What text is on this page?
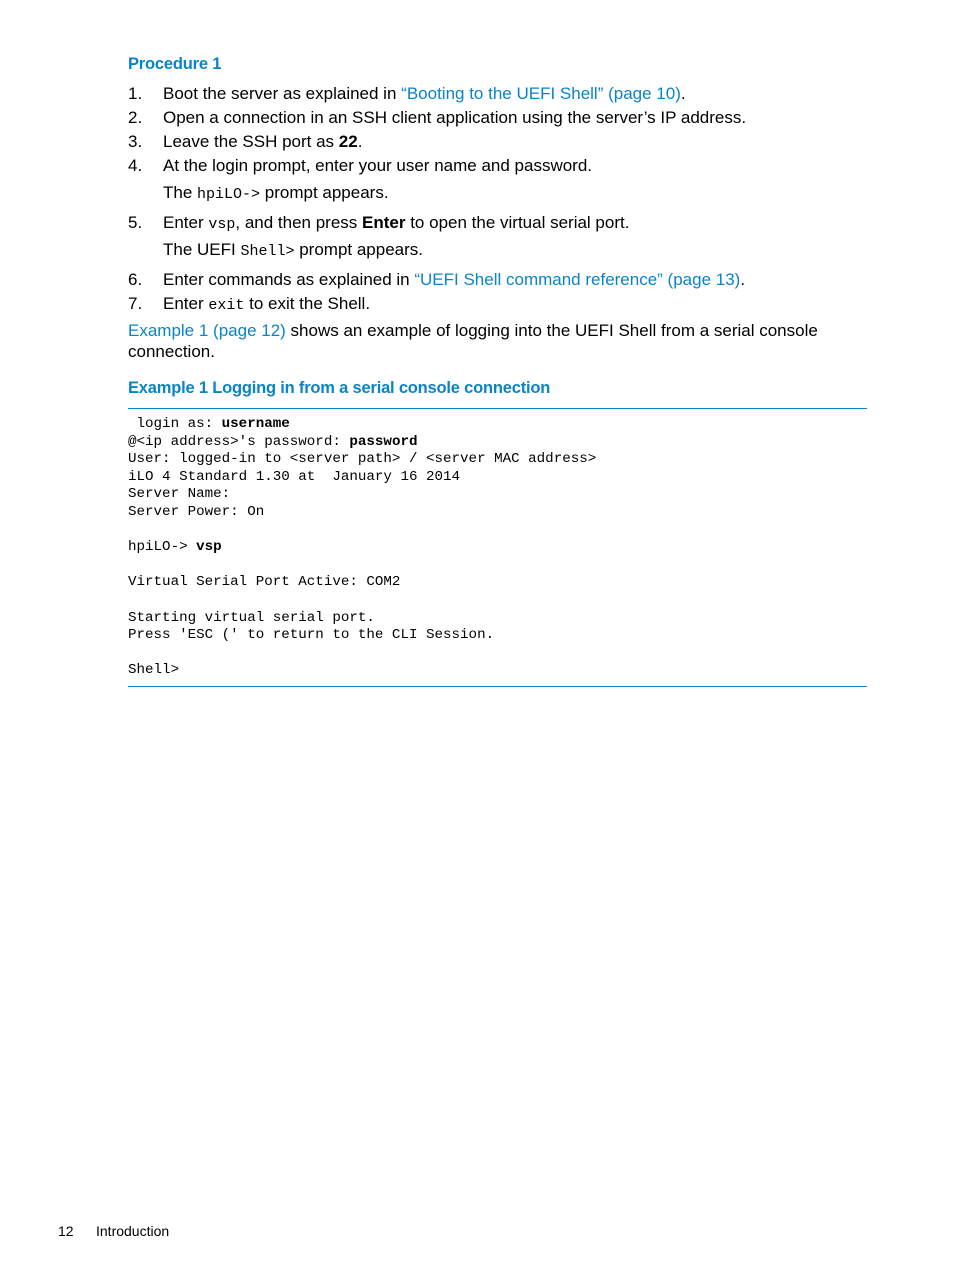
Procedure 1
1. Boot the server as explained in “Booting to the UEFI Shell” (page 10).
2. Open a connection in an SSH client application using the server’s IP address.
3. Leave the SSH port as 22.
4. At the login prompt, enter your user name and password.
The hpiLO-> prompt appears.
5. Enter vsp, and then press Enter to open the virtual serial port.
The UEFI Shell> prompt appears.
6. Enter commands as explained in “UEFI Shell command reference” (page 13).
7. Enter exit to exit the Shell.
Example 1 (page 12) shows an example of logging into the UEFI Shell from a serial console connection.
Example 1 Logging in from a serial console connection
login as: username
@<ip address>'s password: password
User: logged-in to <server path> / <server MAC address>
iLO 4 Standard 1.30 at  January 16 2014
Server Name:
Server Power: On

hpiLO-> vsp

Virtual Serial Port Active: COM2

Starting virtual serial port.
Press 'ESC (' to return to the CLI Session.

Shell>
12 Introduction
